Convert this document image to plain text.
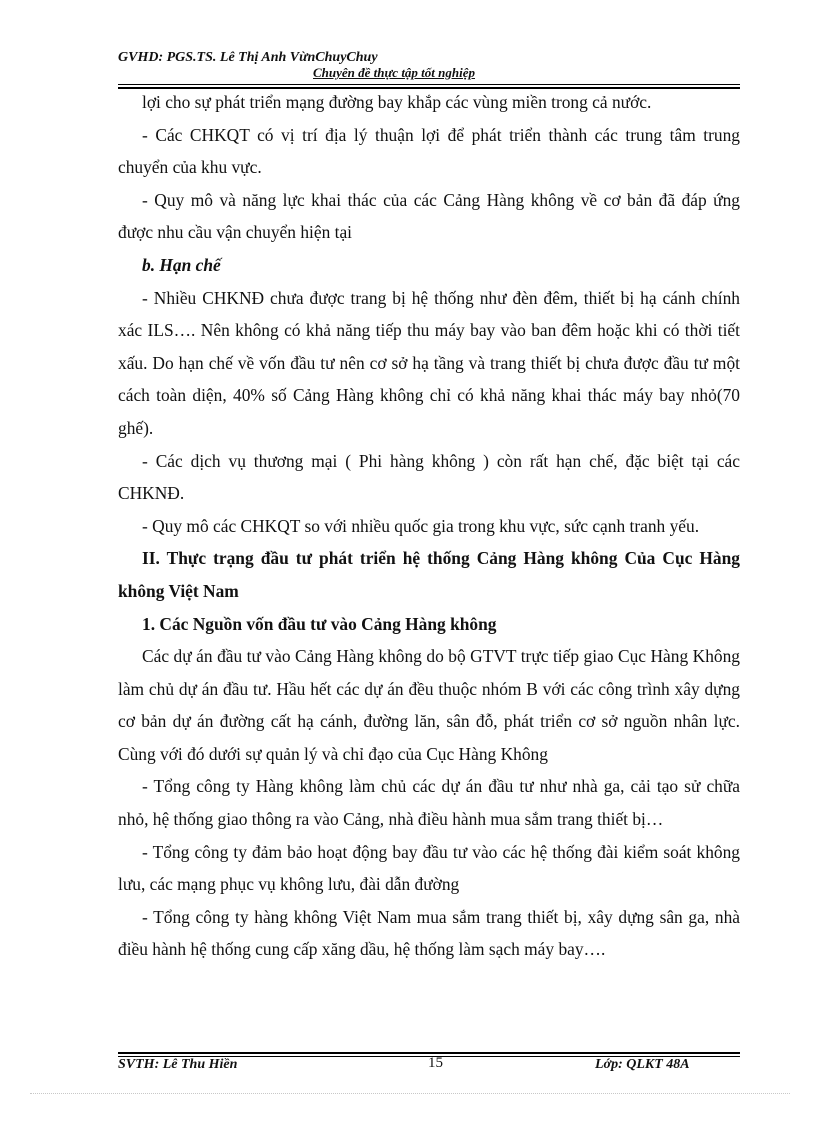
GVHD: PGS.TS. Lê Thị Anh VừnChuyChuy
Chuyên đề thực tập tốt nghiệp

lợi cho sự phát triển mạng đường bay khắp các vùng miền trong cả nước.

- Các CHKQT có vị trí địa lý thuận lợi để phát triển thành các trung tâm trung chuyển của khu vực.

- Quy mô và năng lực khai thác của các Cảng Hàng không về cơ bản đã đáp ứng được nhu cầu vận chuyển hiện tại

b. Hạn chế

- Nhiều CHKNĐ chưa được trang bị hệ thống như đèn đêm, thiết bị hạ cánh chính xác ILS…. Nên không có khả năng tiếp thu máy bay vào ban đêm hoặc khi có thời tiết xấu. Do hạn chế về vốn đầu tư nên cơ sở hạ tầng và trang thiết bị chưa được đầu tư một cách toàn diện, 40% số Cảng Hàng không chỉ có khả năng khai thác máy bay nhỏ(70 ghế).

- Các dịch vụ thương mại ( Phi hàng không ) còn rất hạn chế, đặc biệt tại các CHKNĐ.

- Quy mô các CHKQT so với nhiều quốc gia trong khu vực, sức cạnh tranh yếu.

II. Thực trạng đầu tư phát triển hệ thống Cảng Hàng không Của Cục Hàng không Việt Nam

1. Các Nguồn vốn đầu tư vào Cảng Hàng không

Các dự án đầu tư vào Cảng Hàng không do bộ GTVT trực tiếp giao Cục Hàng Không làm chủ dự án đầu tư. Hầu hết các dự án đều thuộc nhóm B với các công trình xây dựng cơ bản dự án đường cất hạ cánh, đường lăn, sân đỗ, phát triển cơ sở nguồn nhân lực. Cùng với đó dưới sự quản lý và chỉ đạo của Cục Hàng Không

- Tổng công ty Hàng không làm chủ các dự án đầu tư như nhà ga, cải tạo sử chữa nhỏ, hệ thống giao thông ra vào Cảng, nhà điều hành mua sắm trang thiết bị…

- Tổng công ty đảm bảo hoạt động bay đầu tư vào các hệ thống đài kiểm soát không lưu, các mạng phục vụ không lưu, đài dẫn đường

- Tổng công ty hàng không Việt Nam mua sắm trang thiết bị, xây dựng sân ga, nhà điều hành hệ thống cung cấp xăng dầu, hệ thống làm sạch máy bay….

SVTH: Lê Thu Hiền	15	Lớp: QLKT 48A
